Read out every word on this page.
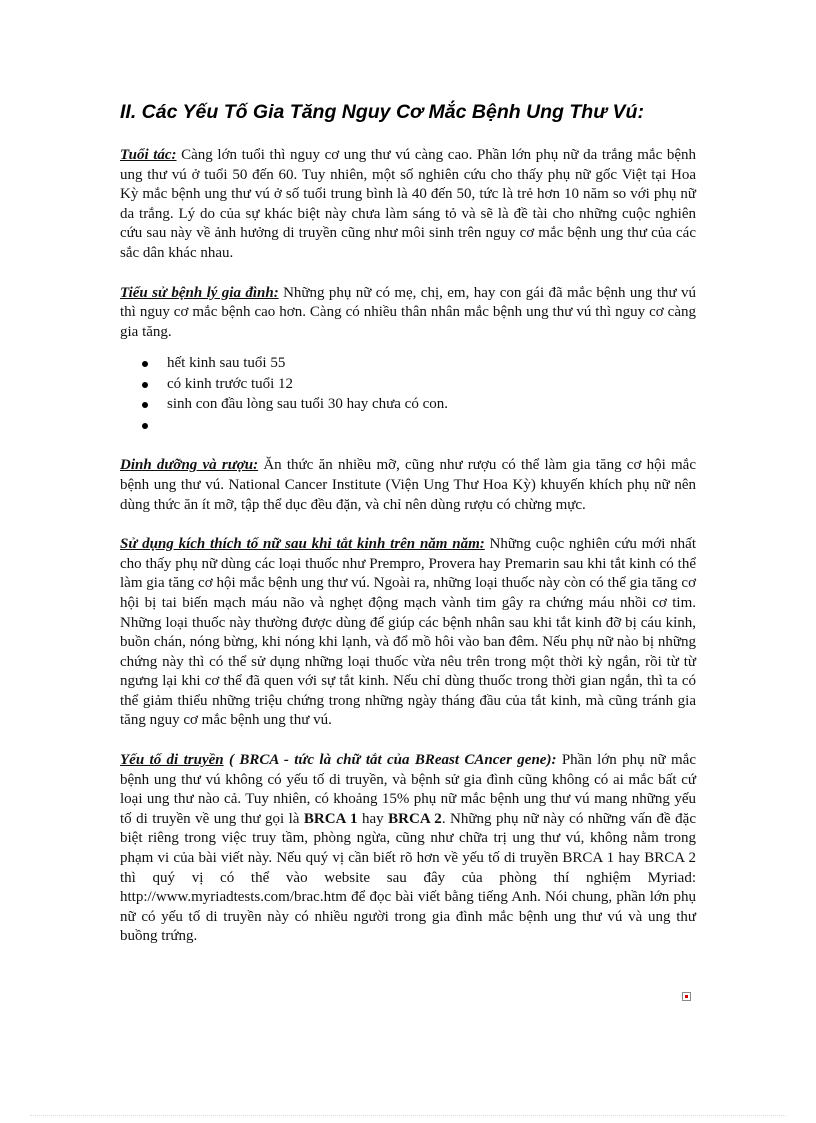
II. Các Yếu Tố Gia Tăng Nguy Cơ Mắc Bệnh Ung Thư Vú:

Tuổi tác: Càng lớn tuổi thì nguy cơ ung thư vú càng cao. Phần lớn phụ nữ da trắng mắc bệnh ung thư vú ở tuổi 50 đến 60. Tuy nhiên, một số nghiên cứu cho thấy phụ nữ gốc Việt tại Hoa Kỳ mắc bệnh ung thư vú ở số tuổi trung bình là 40 đến 50, tức là trẻ hơn 10 năm so với phụ nữ da trắng. Lý do của sự khác biệt này chưa làm sáng tỏ và sẽ là đề tài cho những cuộc nghiên cứu sau này về ảnh hưởng di truyền cũng như môi sinh trên nguy cơ mắc bệnh ung thư của các sắc dân khác nhau.

Tiểu sử bệnh lý gia đình: Những phụ nữ có mẹ, chị, em, hay con gái đã mắc bệnh ung thư vú thì nguy cơ mắc bệnh cao hơn. Càng có nhiều thân nhân mắc bệnh ung thư vú thì nguy cơ càng gia tăng.

hết kinh sau tuổi 55
có kinh trước tuổi 12
sinh con đầu lòng sau tuổi 30 hay chưa có con.

Dinh dưỡng và rượu: Ăn thức ăn nhiều mỡ, cũng như rượu có thể làm gia tăng cơ hội mắc bệnh ung thư vú. National Cancer Institute (Viện Ung Thư Hoa Kỳ) khuyến khích phụ nữ nên dùng thức ăn ít mỡ, tập thể dục đều đặn, và chỉ nên dùng rượu có chừng mực.

Sử dụng kích thích tố nữ sau khi tắt kinh trên năm năm: Những cuộc nghiên cứu mới nhất cho thấy phụ nữ dùng các loại thuốc như Prempro, Provera hay Premarin sau khi tắt kinh có thể làm gia tăng cơ hội mắc bệnh ung thư vú. Ngoài ra, những loại thuốc này còn có thể gia tăng cơ hội bị tai biến mạch máu não và nghẹt động mạch vành tim gây ra chứng máu nhồi cơ tim. Những loại thuốc này thường được dùng để giúp các bệnh nhân sau khi tắt kinh đỡ bị cáu kỉnh, buồn chán, nóng bừng, khi nóng khi lạnh, và đổ mồ hôi vào ban đêm. Nếu phụ nữ nào bị những chứng này thì có thể sử dụng những loại thuốc vừa nêu trên trong một thời kỳ ngắn, rồi từ từ ngưng lại khi cơ thể đã quen với sự tắt kinh. Nếu chỉ dùng thuốc trong thời gian ngắn, thì ta có thể giảm thiểu những triệu chứng trong những ngày tháng đầu của tắt kinh, mà cũng tránh gia tăng nguy cơ mắc bệnh ung thư vú.

Yếu tố di truyền ( BRCA - tức là chữ tắt của BReast CAncer gene): Phần lớn phụ nữ mắc bệnh ung thư vú không có yếu tố di truyền, và bệnh sử gia đình cũng không có ai mắc bất cứ loại ung thư nào cả. Tuy nhiên, có khoảng 15% phụ nữ mắc bệnh ung thư vú mang những yếu tố di truyền về ung thư gọi là BRCA 1 hay BRCA 2. Những phụ nữ này có những vấn đề đặc biệt riêng trong việc truy tầm, phòng ngừa, cũng như chữa trị ung thư vú, không nằm trong phạm vi của bài viết này. Nếu quý vị cần biết rõ hơn về yếu tố di truyền BRCA 1 hay BRCA 2 thì quý vị có thể vào website sau đây của phòng thí nghiệm Myriad: http://www.myriadtests.com/brac.htm để đọc bài viết bằng tiếng Anh. Nói chung, phần lớn phụ nữ có yếu tố di truyền này có nhiều người trong gia đình mắc bệnh ung thư vú và ung thư buồng trứng.
